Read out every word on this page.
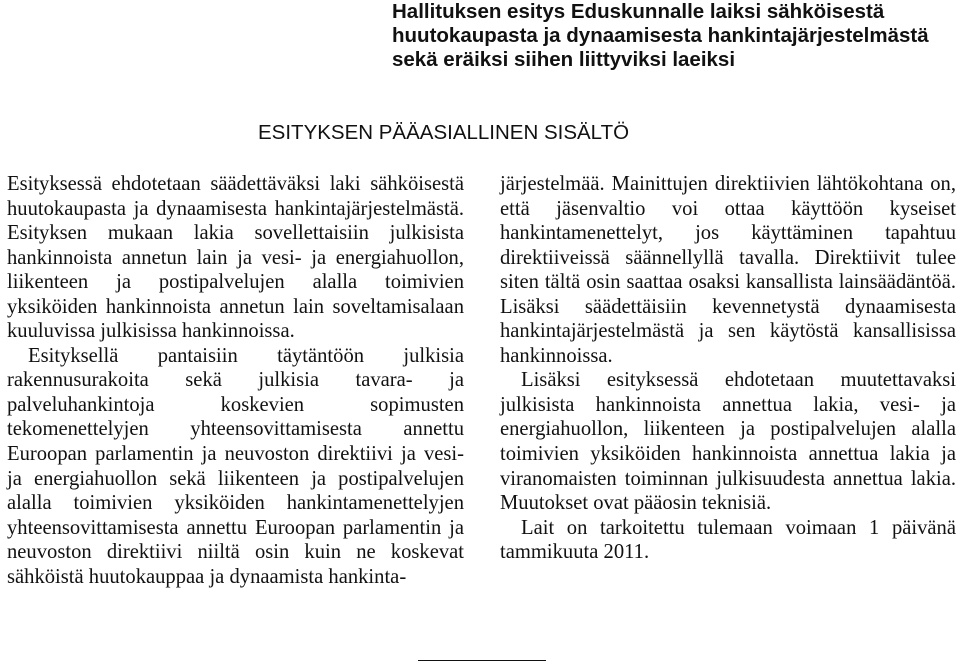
Hallituksen esitys Eduskunnalle laiksi sähköisestä
huutokaupasta ja dynaamisesta hankintajärjestelmästä
sekä eräiksi siihen liittyviksi laeiksi
ESITYKSEN PÄÄASIALLINEN SISÄLTÖ

Esityksessä ehdotetaan säädettäväksi laki sähköisestä huutokaupasta ja dynaamisesta hankintajärjestelmästä. Esityksen mukaan lakia sovellettaisiin julkisista hankinnoista annetun lain ja vesi- ja energiahuollon, liikenteen ja postipalvelujen alalla toimivien yksiköiden hankinnoista annetun lain soveltamisalaan kuuluvissa julkisissa hankinnoissa.

Esityksellä pantaisiin täytäntöön julkisia rakennusurakoita sekä julkisia tavara- ja palveluhankintoja koskevien sopimusten tekomenettelyjen yhteensovittamisesta annettu Euroopan parlamentin ja neuvoston direktiivi ja vesi- ja energiahuollon sekä liikenteen ja postipalvelujen alalla toimivien yksiköiden hankintamenettelyjen yhteensovittamisesta annettu Euroopan parlamentin ja neuvoston direktiivi niiltä osin kuin ne koskevat sähköistä huutokauppaa ja dynaamista hankinta-

järjestelmää. Mainittujen direktiivien lähtökohtana on, että jäsenvaltio voi ottaa käyttöön kyseiset hankintamenettelyt, jos käyttäminen tapahtuu direktiiveissä säännellyllä tavalla. Direktiivit tulee siten tältä osin saattaa osaksi kansallista lainsäädäntöä. Lisäksi säädettäisiin kevennetystä dynaamisesta hankintajärjestelmästä ja sen käytöstä kansallisissa hankinnoissa.

Lisäksi esityksessä ehdotetaan muutettavaksi julkisista hankinnoista annettua lakia, vesi- ja energiahuollon, liikenteen ja postipalvelujen alalla toimivien yksiköiden hankinnoista annettua lakia ja viranomaisten toiminnan julkisuudesta annettua lakia. Muutokset ovat pääosin teknisiä.

Lait on tarkoitettu tulemaan voimaan 1 päivänä tammikuuta 2011.
